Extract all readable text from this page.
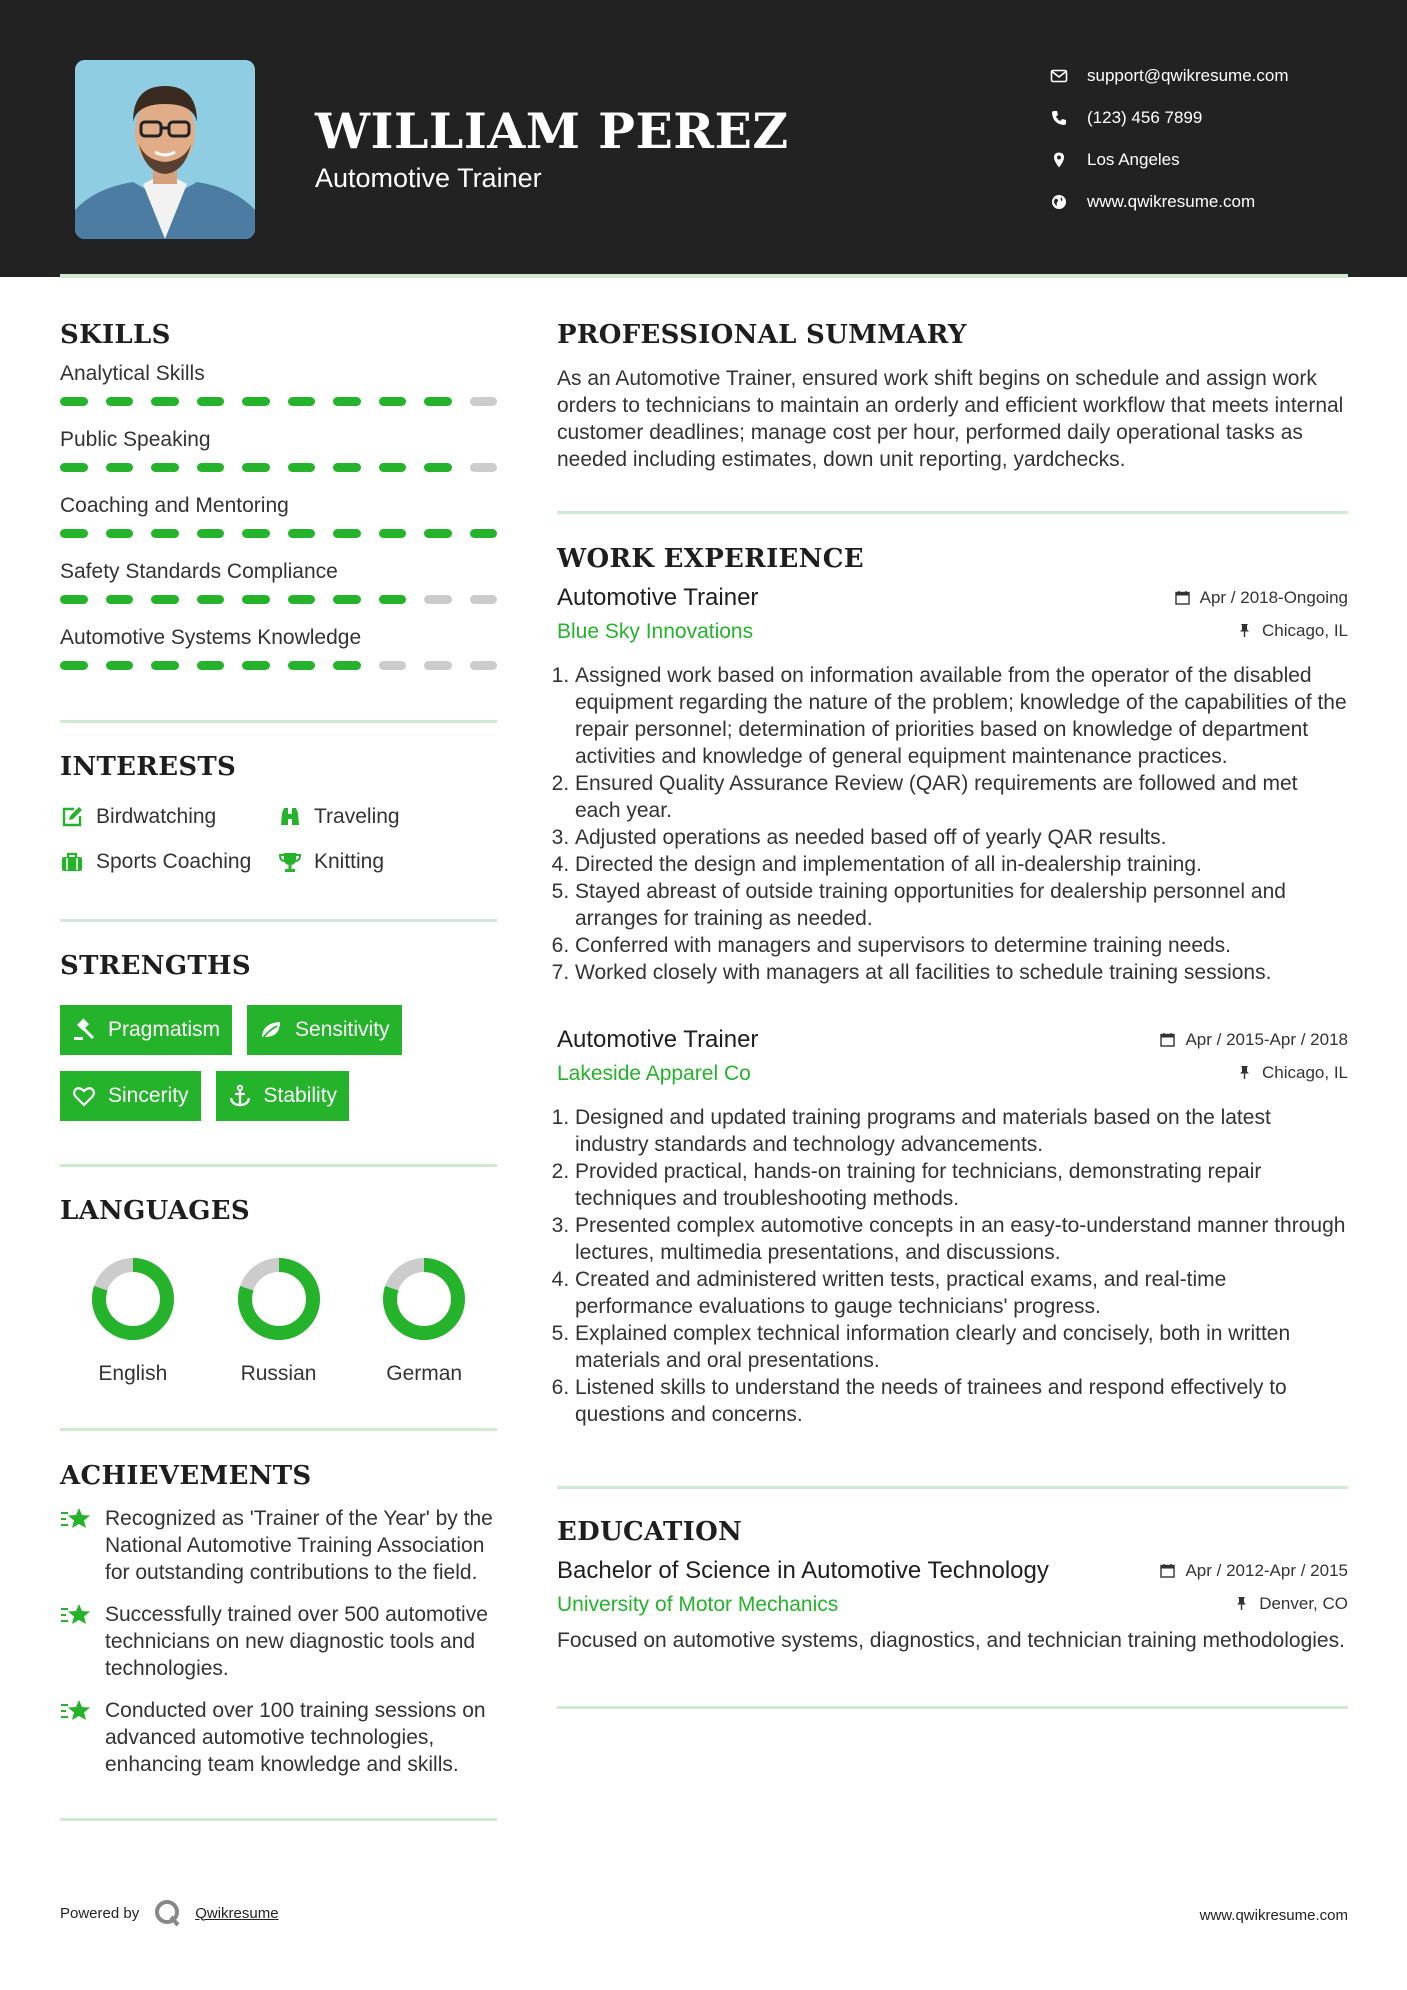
WILLIAM PEREZ
Automotive Trainer
support@qwikresume.com
(123) 456 7899
Los Angeles
www.qwikresume.com
SKILLS
Analytical Skills
Public Speaking
Coaching and Mentoring
Safety Standards Compliance
Automotive Systems Knowledge
INTERESTS
Birdwatching	Traveling
Sports Coaching	Knitting
STRENGTHS
Pragmatism	Sensitivity
Sincerity	Stability
LANGUAGES
English	Russian	German
ACHIEVEMENTS

Recognized as 'Trainer of the Year' by the National Automotive Training Association for outstanding contributions to the field.

Successfully trained over 500 automotive technicians on new diagnostic tools and technologies.

Conducted over 100 training sessions on advanced automotive technologies, enhancing team knowledge and skills.

PROFESSIONAL SUMMARY

As an Automotive Trainer, ensured work shift begins on schedule and assign work orders to technicians to maintain an orderly and efficient workflow that meets internal customer deadlines; manage cost per hour, performed daily operational tasks as needed including estimates, down unit reporting, yardchecks.

WORK EXPERIENCE
Automotive Trainer	Apr / 2018-Ongoing
Blue Sky Innovations	Chicago, IL
1. Assigned work based on information available from the operator of the disabled equipment regarding the nature of the problem; knowledge of the capabilities of the repair personnel; determination of priorities based on knowledge of department activities and knowledge of general equipment maintenance practices.
2. Ensured Quality Assurance Review (QAR) requirements are followed and met each year.
3. Adjusted operations as needed based off of yearly QAR results.
4. Directed the design and implementation of all in-dealership training.
5. Stayed abreast of outside training opportunities for dealership personnel and arranges for training as needed.
6. Conferred with managers and supervisors to determine training needs.
7. Worked closely with managers at all facilities to schedule training sessions.
Automotive Trainer	Apr / 2015-Apr / 2018
Lakeside Apparel Co	Chicago, IL
1. Designed and updated training programs and materials based on the latest industry standards and technology advancements.
2. Provided practical, hands-on training for technicians, demonstrating repair techniques and troubleshooting methods.
3. Presented complex automotive concepts in an easy-to-understand manner through lectures, multimedia presentations, and discussions.
4. Created and administered written tests, practical exams, and real-time performance evaluations to gauge technicians' progress.
5. Explained complex technical information clearly and concisely, both in written materials and oral presentations.
6. Listened skills to understand the needs of trainees and respond effectively to questions and concerns.
EDUCATION
Bachelor of Science in Automotive Technology	Apr / 2012-Apr / 2015
University of Motor Mechanics	Denver, CO

Focused on automotive systems, diagnostics, and technician training methodologies.

Powered by	Qwikresume	www.qwikresume.com
